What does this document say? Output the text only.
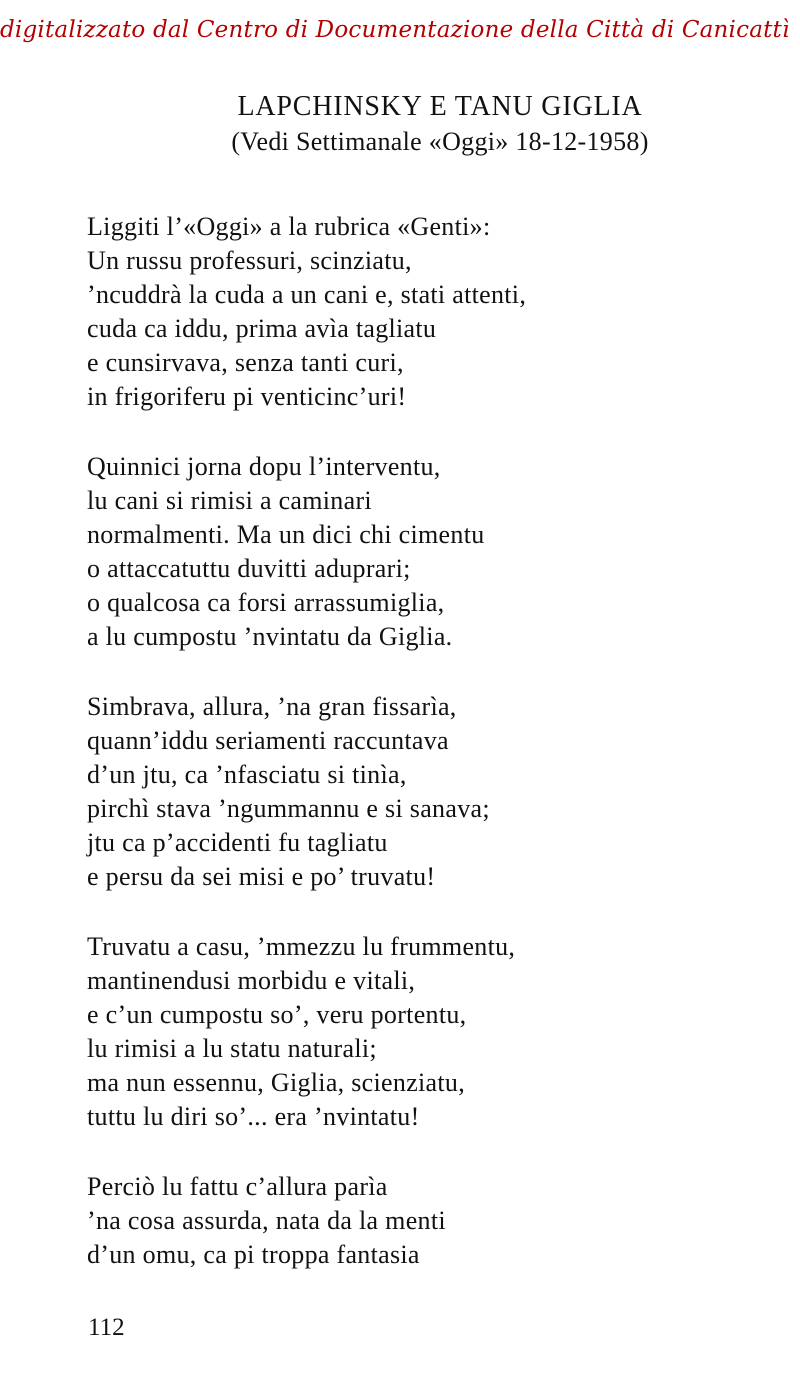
digitalizzato dal Centro di Documentazione della Città di Canicattì
LAPCHINSKY E TANU GIGLIA
(Vedi Settimanale «Oggi» 18-12-1958)
Liggiti l’«Oggi» a la rubrica «Genti»:
Un russu professuri, scinziatu,
’ncuddrà la cuda a un cani e, stati attenti,
cuda ca iddu, prima avìa tagliatu
e cunsirvava, senza tanti curi,
in frigoriferu pi venticinc’uri!
Quinnici jorna dopu l’interventu,
lu cani si rimisi a caminari
normalmenti. Ma un dici chi cimentu
o attaccatuttu duvitti aduprari;
o qualcosa ca forsi arrassumiglia,
a lu cumpostu ’nvintatu da Giglia.
Simbrava, allura, ’na gran fissarìa,
quann’iddu seriamenti raccuntava
d’un jtu, ca ’nfasciatu si tinìa,
pirchì stava ’ngummannu e si sanava;
jtu ca p’accidenti fu tagliatu
e persu da sei misi e po’ truvatu!
Truvatu a casu, ’mmezzu lu frummentu,
mantinendusi morbidu e vitali,
e c’un cumpostu so’, veru portentu,
lu rimisi a lu statu naturali;
ma nun essennu, Giglia, scienziatu,
tuttu lu diri so’... era ’nvintatu!
Perciò lu fattu c’allura parìa
’na cosa assurda, nata da la menti
d’un omu, ca pi troppa fantasia
112
